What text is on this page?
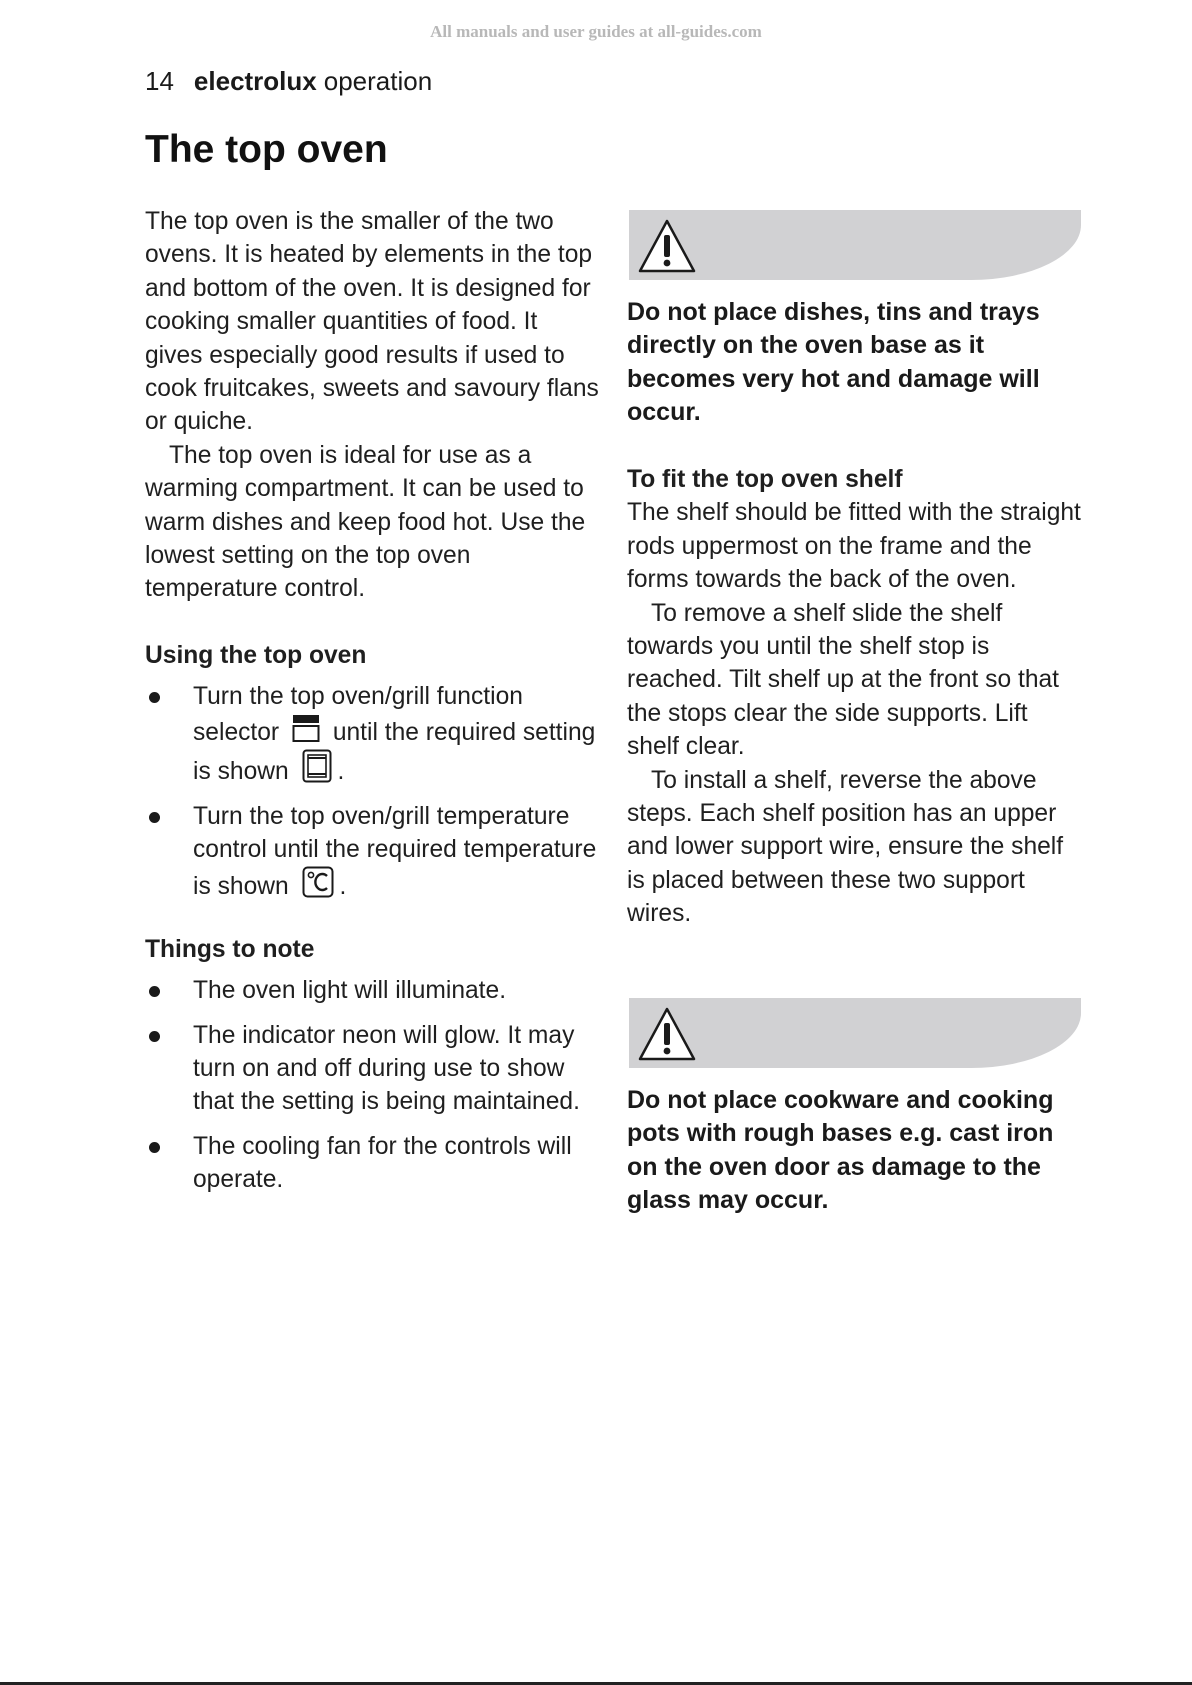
All manuals and user guides at all-guides.com
14 electrolux operation
The top oven

The top oven is the smaller of the two ovens. It is heated by elements in the top and bottom of the oven. It is designed for cooking smaller quantities of food. It gives especially good results if used to cook fruitcakes, sweets and savoury flans or quiche.

The top oven is ideal for use as a warming compartment. It can be used to warm dishes and keep food hot. Use the lowest setting on the top oven temperature control.

Using the top oven

Turn the top oven/grill function selector until the required setting is shown .
Turn the top oven/grill temperature control until the required temperature is shown .

Things to note

The oven light will illuminate.
The indicator neon will glow. It may turn on and off during use to show that the setting is being maintained.
The cooling fan for the controls will operate.

Do not place dishes, tins and trays directly on the oven base as it becomes very hot and damage will occur.

To fit the top oven shelf

The shelf should be fitted with the straight rods uppermost on the frame and the forms towards the back of the oven.

To remove a shelf slide the shelf towards you until the shelf stop is reached. Tilt shelf up at the front so that the stops clear the side supports. Lift shelf clear.

To install a shelf, reverse the above steps. Each shelf position has an upper and lower support wire, ensure the shelf is placed between these two support wires.

Do not place cookware and cooking pots with rough bases e.g. cast iron on the oven door as damage to the glass may occur.
